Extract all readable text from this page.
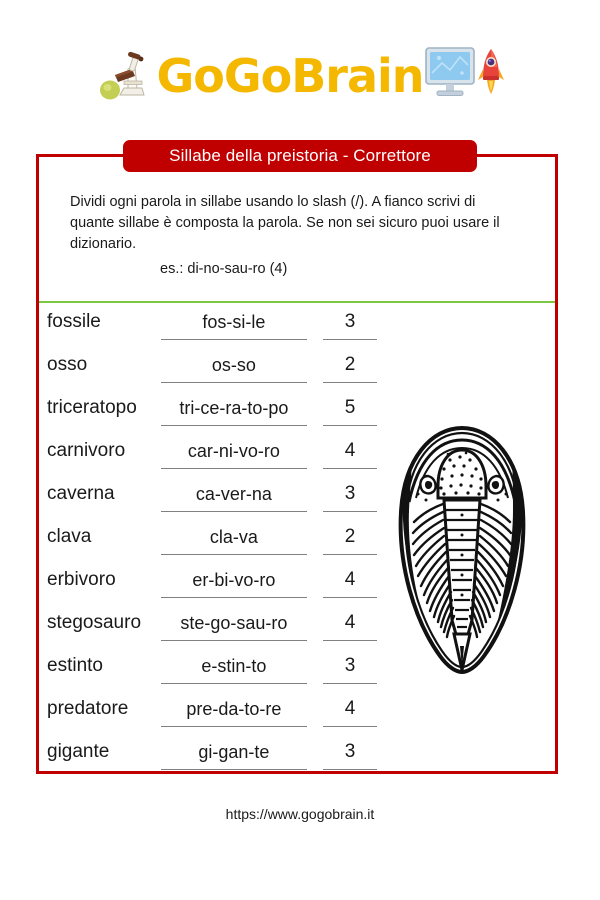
GoGoBrain
Sillabe della preistoria - Correttore
Dividi ogni parola in sillabe usando lo slash (/). A fianco scrivi di quante sillabe è composta la parola. Se non sei sicuro puoi usare il dizionario.
es.: di-no-sau-ro (4)
fossile	fos-si-le	3
osso	os-so	2
triceratopo	tri-ce-ra-to-po	5
carnivoro	car-ni-vo-ro	4
caverna	ca-ver-na	3
clava	cla-va	2
erbivoro	er-bi-vo-ro	4
stegosauro	ste-go-sau-ro	4
estinto	e-stin-to	3
predatore	pre-da-to-re	4
gigante	gi-gan-te	3
https://www.gogobrain.it
